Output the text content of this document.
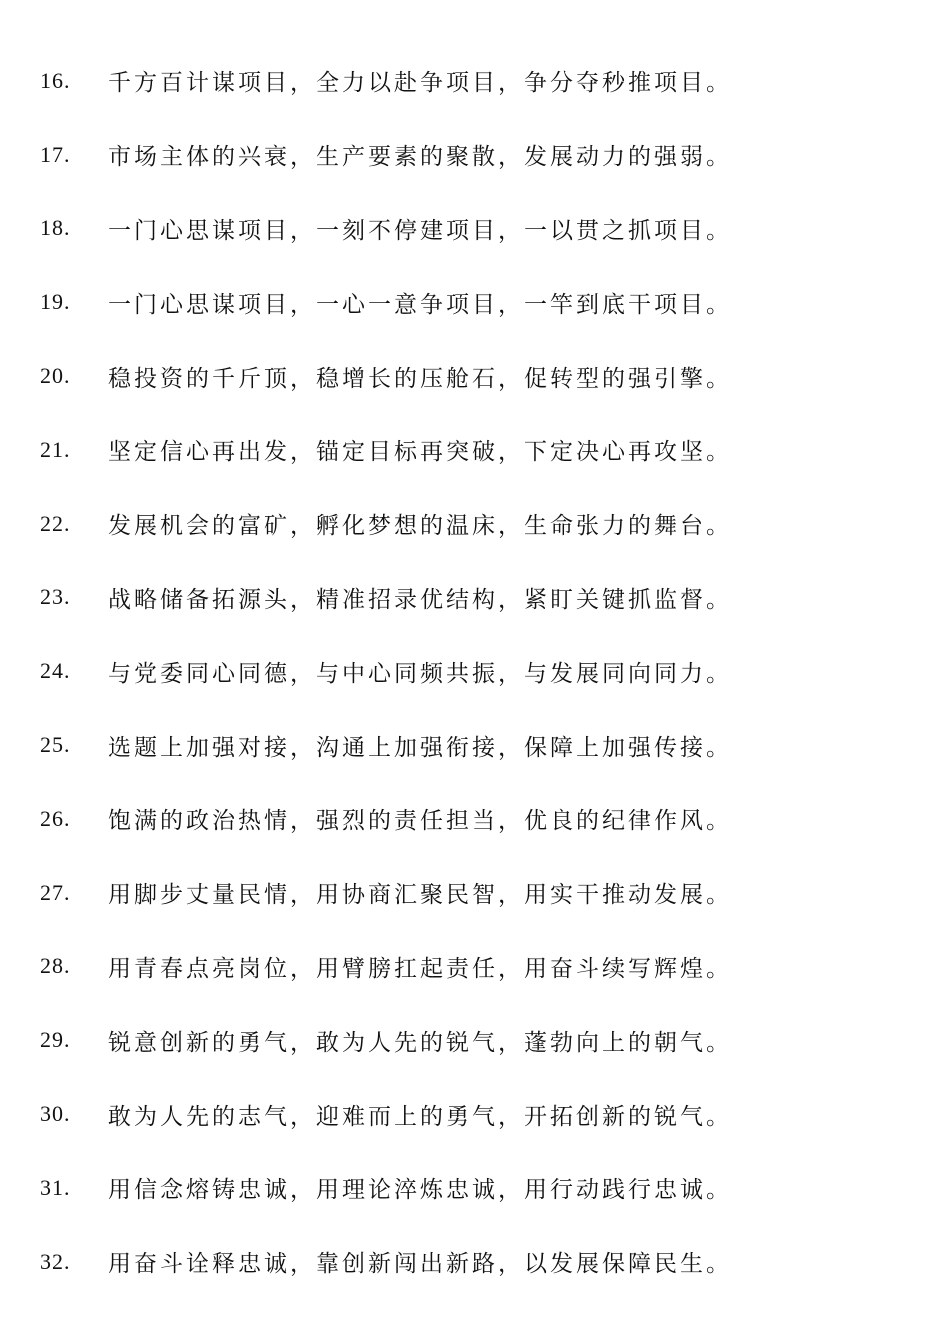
16.	千方百计谋项目，全力以赴争项目，争分夺秒推项目。
17.	市场主体的兴衰，生产要素的聚散，发展动力的强弱。
18.	一门心思谋项目，一刻不停建项目，一以贯之抓项目。
19.	一门心思谋项目，一心一意争项目，一竿到底干项目。
20.	稳投资的千斤顶，稳增长的压舱石，促转型的强引擎。
21.	坚定信心再出发，锚定目标再突破，下定决心再攻坚。
22.	发展机会的富矿，孵化梦想的温床，生命张力的舞台。
23.	战略储备拓源头，精准招录优结构，紧盯关键抓监督。
24.	与党委同心同德，与中心同频共振，与发展同向同力。
25.	选题上加强对接，沟通上加强衔接，保障上加强传接。
26.	饱满的政治热情，强烈的责任担当，优良的纪律作风。
27.	用脚步丈量民情，用协商汇聚民智，用实干推动发展。
28.	用青春点亮岗位，用臂膀扛起责任，用奋斗续写辉煌。
29.	锐意创新的勇气，敢为人先的锐气，蓬勃向上的朝气。
30.	敢为人先的志气，迎难而上的勇气，开拓创新的锐气。
31.	用信念熔铸忠诚，用理论淬炼忠诚，用行动践行忠诚。
32.	用奋斗诠释忠诚，靠创新闯出新路，以发展保障民生。
